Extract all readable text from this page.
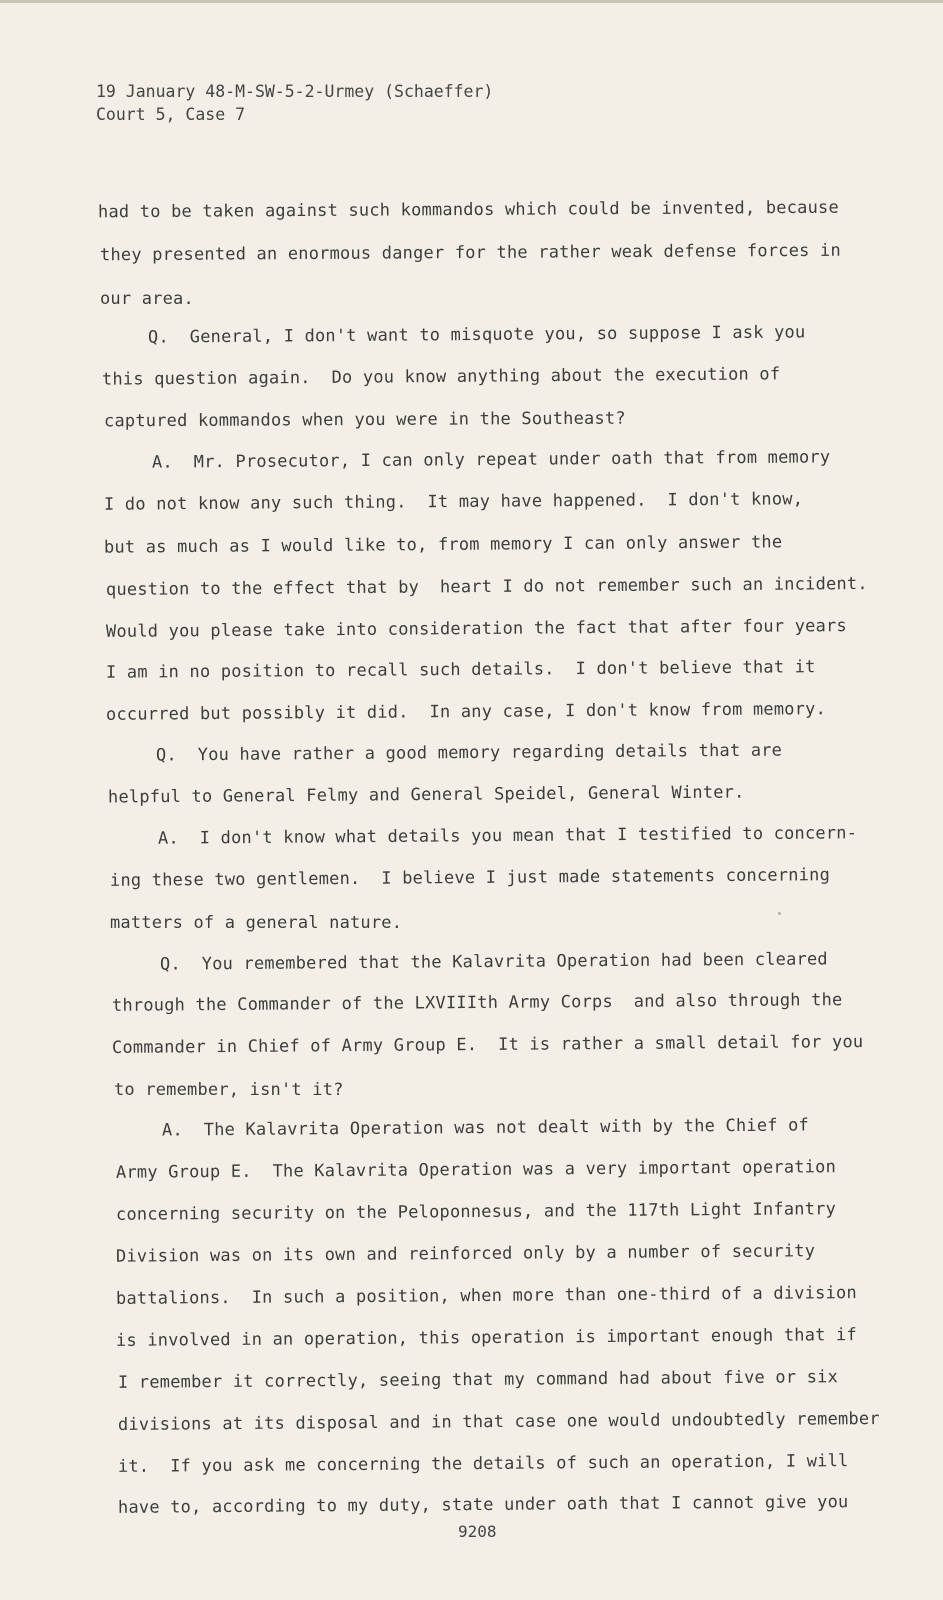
19 January 48-M-SW-5-2-Urmey (Schaeffer)
Court 5, Case 7
had to be taken against such kommandos which could be invented, because
they presented an enormous danger for the rather weak defense forces in
our area.
Q.  General, I don't want to misquote you, so suppose I ask you
this question again.  Do you know anything about the execution of
captured kommandos when you were in the Southeast?
A.  Mr. Prosecutor, I can only repeat under oath that from memory
I do not know any such thing.  It may have happened.  I don't know,
but as much as I would like to, from memory I can only answer the
question to the effect that by  heart I do not remember such an incident.
Would you please take into consideration the fact that after four years
I am in no position to recall such details.  I don't believe that it
occurred but possibly it did.  In any case, I don't know from memory.
Q.  You have rather a good memory regarding details that are
helpful to General Felmy and General Speidel, General Winter.
A.  I don't know what details you mean that I testified to concern-
ing these two gentlemen.  I believe I just made statements concerning
matters of a general nature.
Q.  You remembered that the Kalavrita Operation had been cleared
through the Commander of the LXVIIIth Army Corps  and also through the
Commander in Chief of Army Group E.  It is rather a small detail for you
to remember, isn't it?
A.  The Kalavrita Operation was not dealt with by the Chief of
Army Group E.  The Kalavrita Operation was a very important operation
concerning security on the Peloponnesus, and the 117th Light Infantry
Division was on its own and reinforced only by a number of security
battalions.  In such a position, when more than one-third of a division
is involved in an operation, this operation is important enough that if
I remember it correctly, seeing that my command had about five or six
divisions at its disposal and in that case one would undoubtedly remember
it.  If you ask me concerning the details of such an operation, I will
have to, according to my duty, state under oath that I cannot give you
9208
